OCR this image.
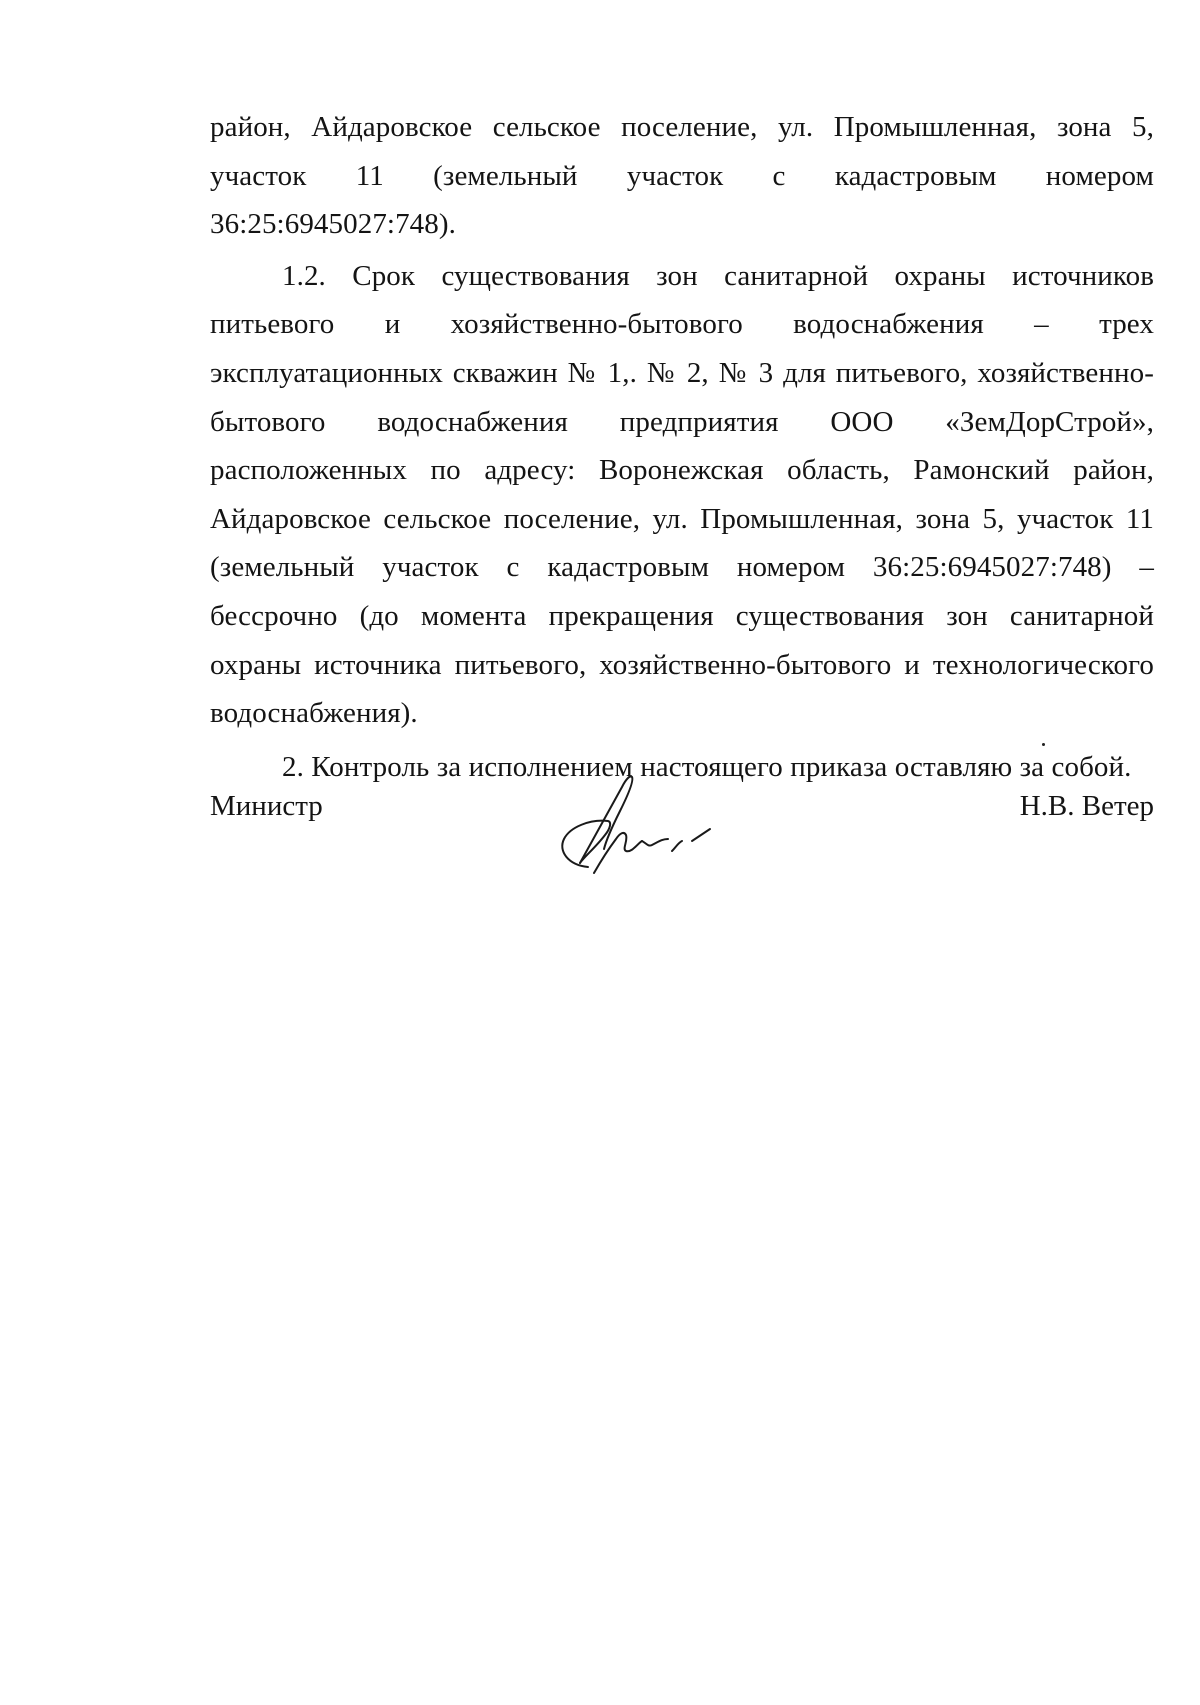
район, Айдаровское сельское поселение, ул. Промышленная, зона 5, участок 11 (земельный участок с кадастровым номером 36:25:6945027:748).

1.2. Срок существования зон санитарной охраны источников питьевого и хозяйственно-бытового водоснабжения – трех эксплуатационных скважин № 1,. № 2, № 3 для питьевого, хозяйственно-бытового водоснабжения предприятия ООО «ЗемДорСтрой», расположенных по адресу: Воронежская область, Рамонский район, Айдаровское сельское поселение, ул. Промышленная, зона 5, участок 11 (земельный участок с кадастровым номером 36:25:6945027:748) – бессрочно (до момента прекращения существования зон санитарной охраны источника питьевого, хозяйственно-бытового и технологического водоснабжения).

2. Контроль за исполнением настоящего приказа оставляю за собой.

Министр	Н.В. Ветер
